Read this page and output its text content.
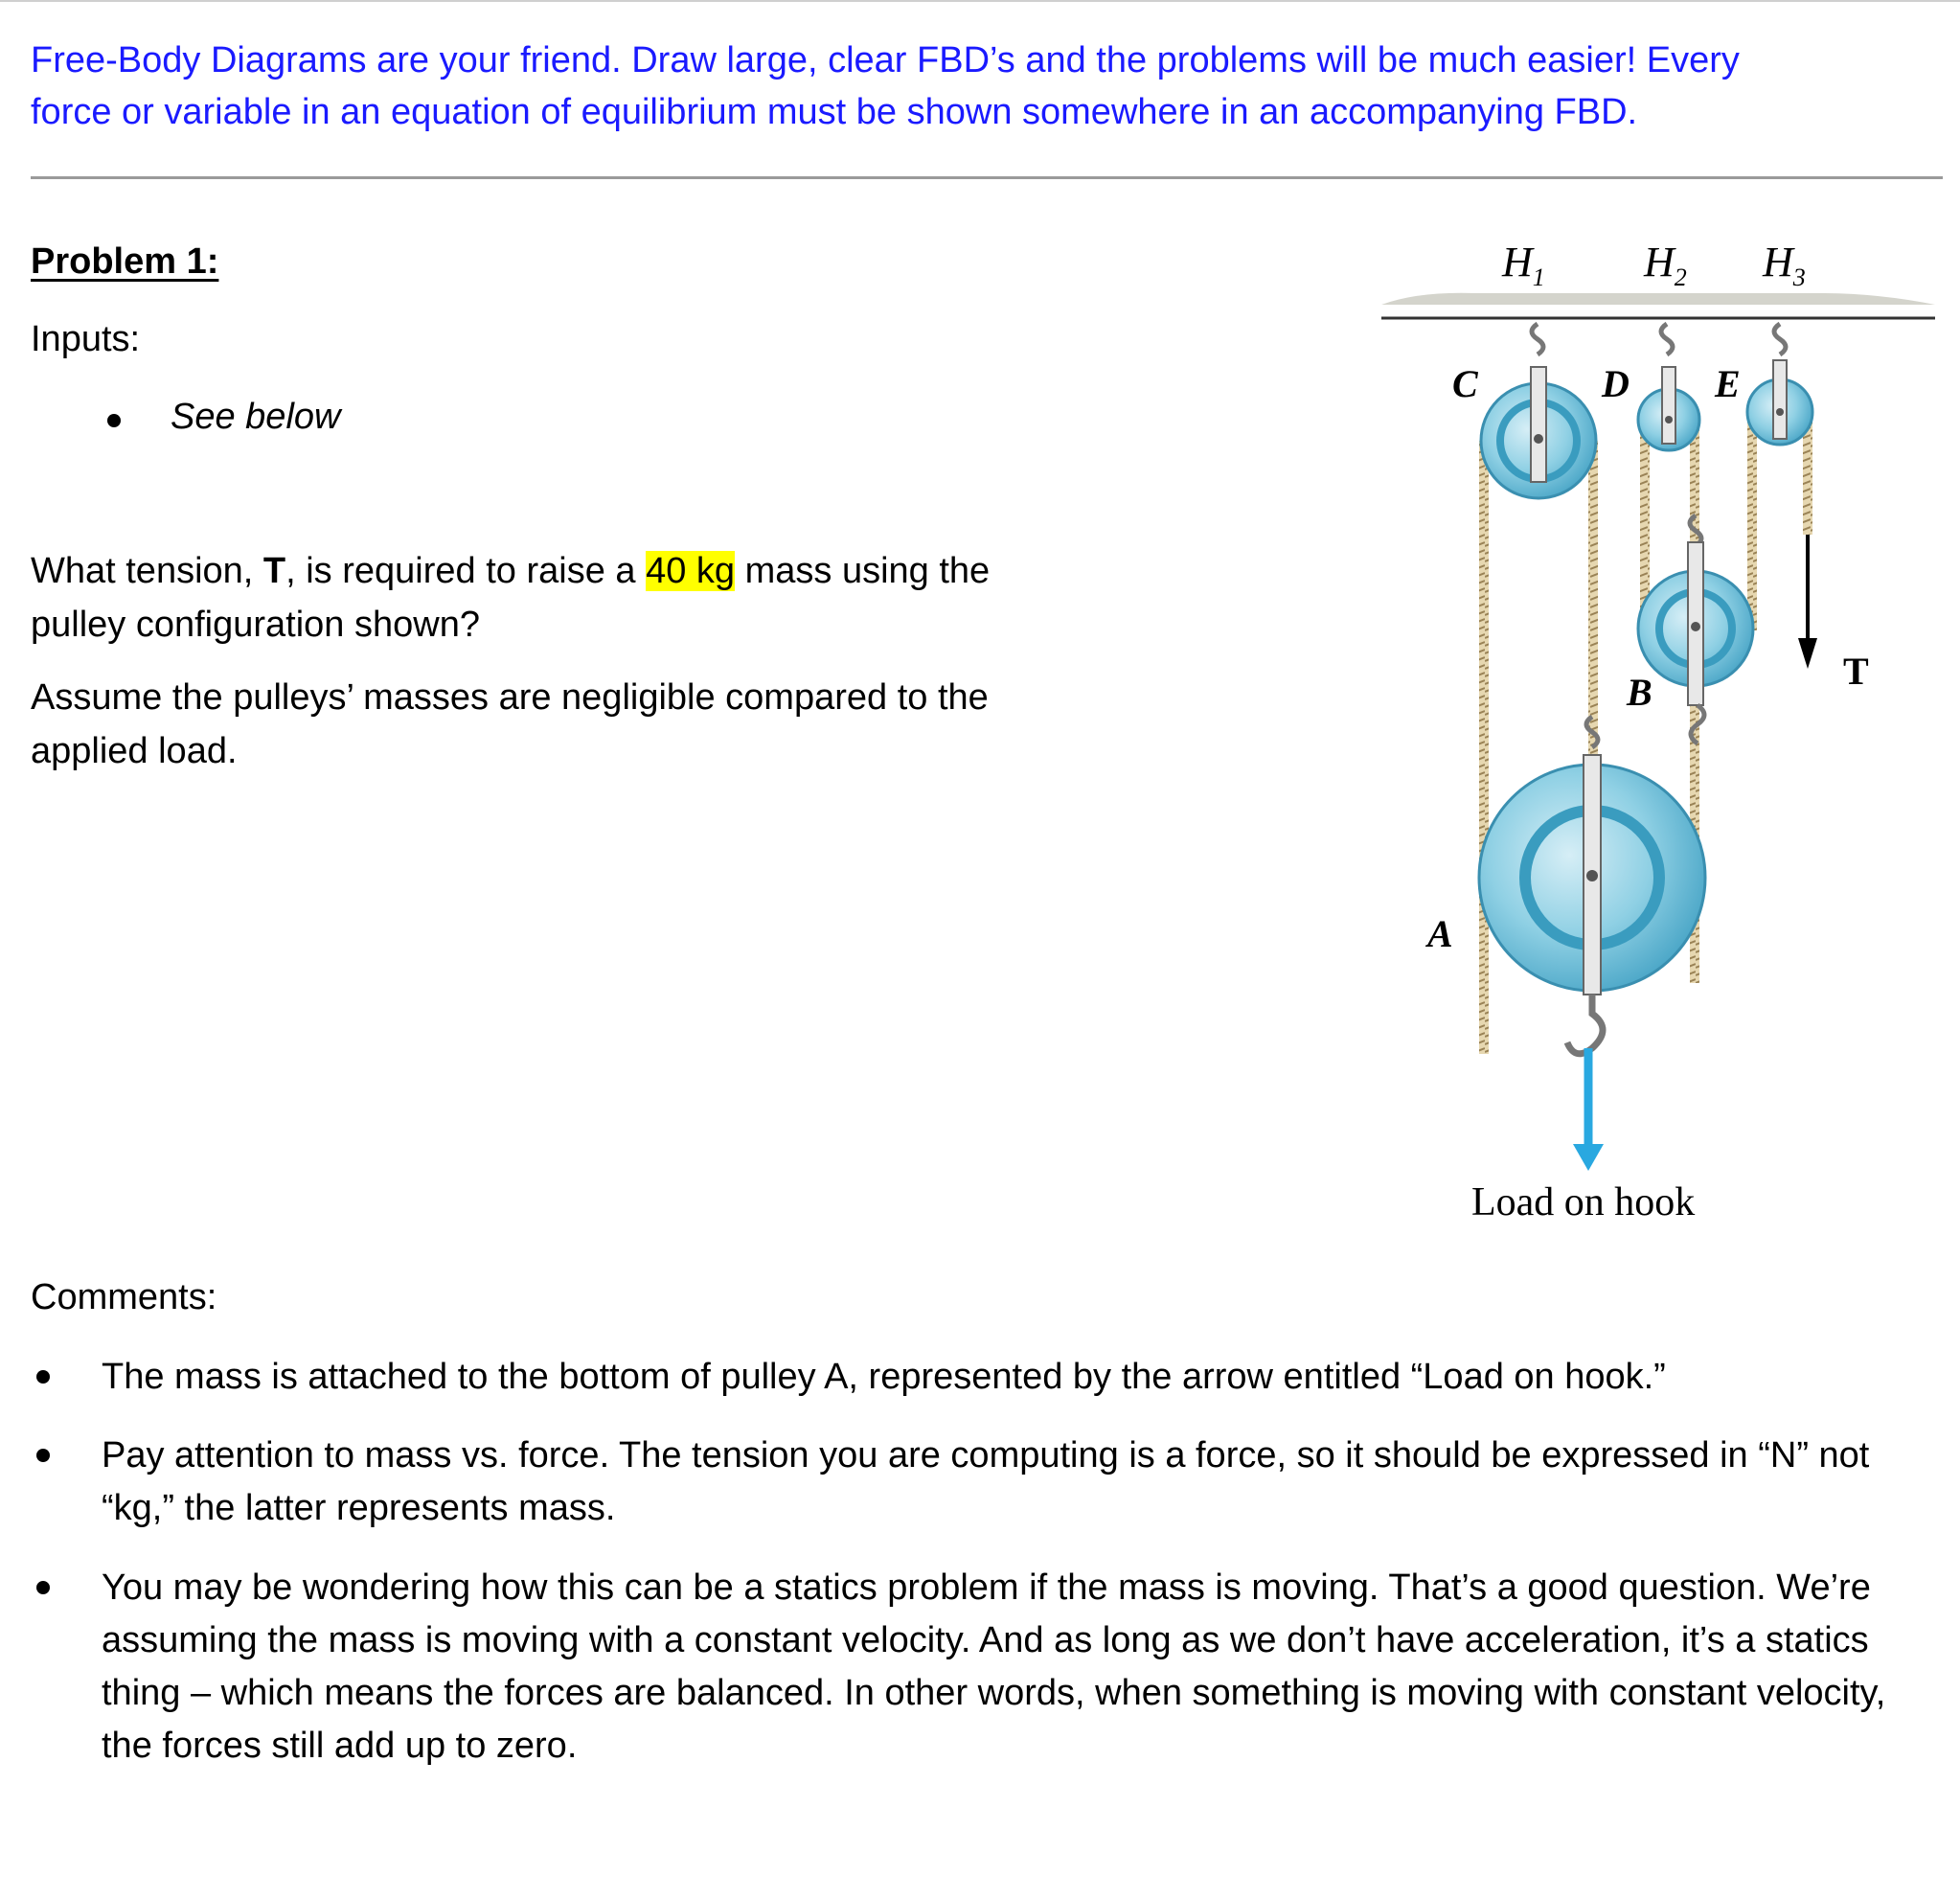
Free-Body Diagrams are your friend. Draw large, clear FBD’s and the problems will be much easier! Every
force or variable in an equation of equilibrium must be shown somewhere in an accompanying FBD.
Problem 1:
Inputs:
See below
What tension, T, is required to raise a 40 kg mass using the pulley configuration shown?
Assume the pulleys’ masses are negligible compared to the applied load.
$H_1$ $H_2$ $H_3$
C	D E
B
A
T
Load on hook
Comments:
The mass is attached to the bottom of pulley A, represented by the arrow entitled “Load on hook.”
Pay attention to mass vs. force. The tension you are computing is a force, so it should be expressed in “N” not “kg,” the latter represents mass.
You may be wondering how this can be a statics problem if the mass is moving. That’s a good question. We’re assuming the mass is moving with a constant velocity. And as long as we don’t have acceleration, it’s a statics thing – which means the forces are balanced. In other words, when something is moving with constant velocity, the forces still add up to zero.
